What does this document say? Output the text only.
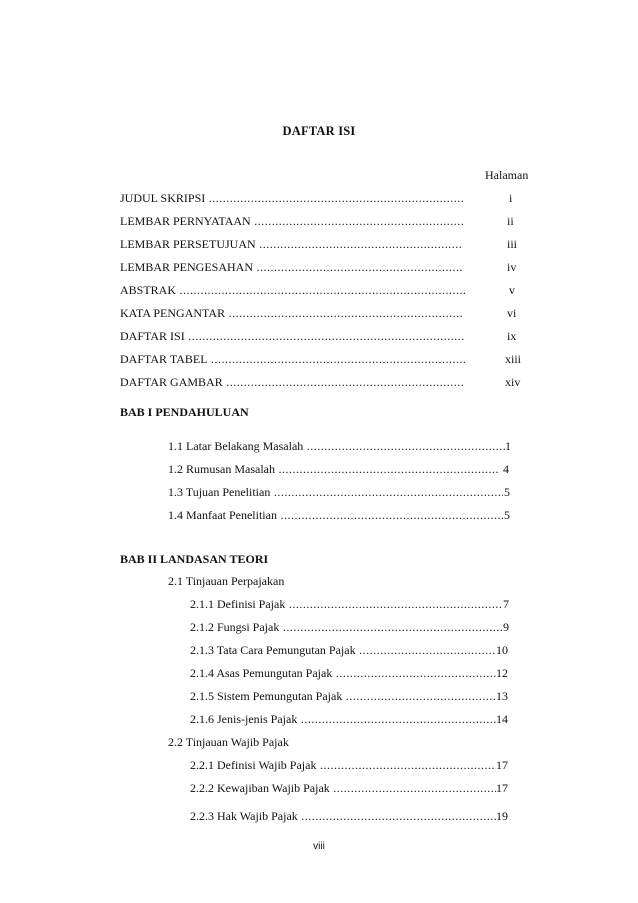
DAFTAR ISI
Halaman
JUDUL SKRIPSI .....	i
LEMBAR PERNYATAAN .....	ii
LEMBAR PERSETUJUAN .....	iii
LEMBAR PENGESAHAN .....	iv
ABSTRAK .....	v
KATA PENGANTAR .....	vi
DAFTAR ISI .....	ix
DAFTAR TABEL .....	xiii
DAFTAR GAMBAR .....	xiv
BAB I PENDAHULUAN
1.1 Latar Belakang Masalah .....	1
1.2 Rumusan Masalah .....	4
1.3 Tujuan Penelitian .....	5
1.4 Manfaat Penelitian .....	5
BAB II LANDASAN TEORI
2.1 Tinjauan Perpajakan
2.1.1 Definisi Pajak .....	7
2.1.2 Fungsi Pajak .....	9
2.1.3 Tata Cara Pemungutan Pajak .....	10
2.1.4 Asas Pemungutan Pajak .....	12
2.1.5 Sistem Pemungutan Pajak .....	13
2.1.6 Jenis-jenis Pajak .....	14
2.2 Tinjauan Wajib Pajak
2.2.1 Definisi Wajib Pajak .....	17
2.2.2 Kewajiban Wajib Pajak .....	17
2.2.3 Hak Wajib Pajak .....	19
viii
